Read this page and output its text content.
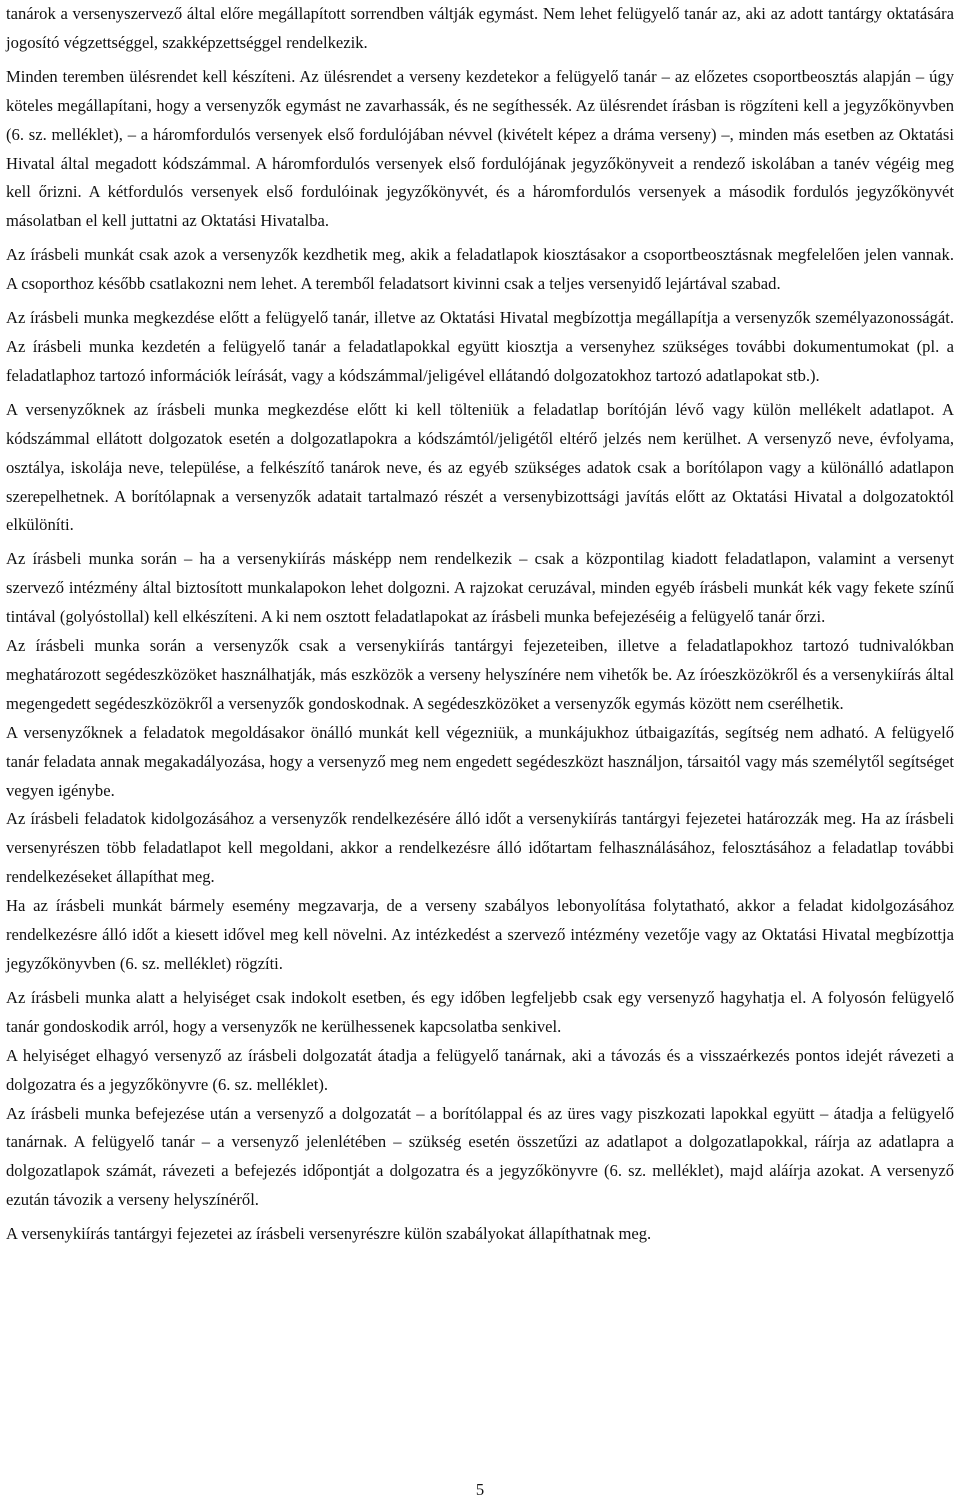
tanárok a versenyszervező által előre megállapított sorrendben váltják egymást. Nem lehet felügyelő tanár az, aki az adott tantárgy oktatására jogosító végzettséggel, szakképzettséggel rendelkezik.

Minden teremben ülésrendet kell készíteni. Az ülésrendet a verseny kezdetekor a felügyelő tanár – az előzetes csoportbeosztás alapján – úgy köteles megállapítani, hogy a versenyzők egymást ne zavarhassák, és ne segíthessék. Az ülésrendet írásban is rögzíteni kell a jegyzőkönyvben (6. sz. melléklet), – a háromfordulós versenyek első fordulójában névvel (kivételt képez a dráma verseny) –, minden más esetben az Oktatási Hivatal által megadott kódszámmal. A háromfordulós versenyek első fordulójának jegyzőkönyveit a rendező iskolában a tanév végéig meg kell őrizni. A kétfordulós versenyek első fordulóinak jegyzőkönyvét, és a háromfordulós versenyek a második fordulós jegyzőkönyvét másolatban el kell juttatni az Oktatási Hivatalba.

Az írásbeli munkát csak azok a versenyzők kezdhetik meg, akik a feladatlapok kiosztásakor a csoportbeosztásnak megfelelően jelen vannak. A csoporthoz később csatlakozni nem lehet. A teremből feladatsort kivinni csak a teljes versenyidő lejártával szabad.

Az írásbeli munka megkezdése előtt a felügyelő tanár, illetve az Oktatási Hivatal megbízottja megállapítja a versenyzők személyazonosságát. Az írásbeli munka kezdetén a felügyelő tanár a feladatlapokkal együtt kiosztja a versenyhez szükséges további dokumentumokat (pl. a feladatlaphoz tartozó információk leírását, vagy a kódszámmal/jeligével ellátandó dolgozatokhoz tartozó adatlapokat stb.).

A versenyzőknek az írásbeli munka megkezdése előtt ki kell tölteniük a feladatlap borítóján lévő vagy külön mellékelt adatlapot. A kódszámmal ellátott dolgozatok esetén a dolgozatlapokra a kódszámtól/jeligétől eltérő jelzés nem kerülhet. A versenyző neve, évfolyama, osztálya, iskolája neve, települése, a felkészítő tanárok neve, és az egyéb szükséges adatok csak a borítólapon vagy a különálló adatlapon szerepelhetnek. A borítólapnak a versenyzők adatait tartalmazó részét a versenybizottsági javítás előtt az Oktatási Hivatal a dolgozatoktól elkülöníti.

Az írásbeli munka során – ha a versenykiírás másképp nem rendelkezik – csak a központilag kiadott feladatlapon, valamint a versenyt szervező intézmény által biztosított munkalapokon lehet dolgozni. A rajzokat ceruzával, minden egyéb írásbeli munkát kék vagy fekete színű tintával (golyóstollal) kell elkészíteni. A ki nem osztott feladatlapokat az írásbeli munka befejezéséig a felügyelő tanár őrzi.

Az írásbeli munka során a versenyzők csak a versenykiírás tantárgyi fejezeteiben, illetve a feladatlapokhoz tartozó tudnivalókban meghatározott segédeszközöket használhatják, más eszközök a verseny helyszínére nem vihetők be. Az íróeszközökről és a versenykiírás által megengedett segédeszközökről a versenyzők gondoskodnak. A segédeszközöket a versenyzők egymás között nem cserélhetik.

A versenyzőknek a feladatok megoldásakor önálló munkát kell végezniük, a munkájukhoz útbaigazítás, segítség nem adható. A felügyelő tanár feladata annak megakadályozása, hogy a versenyző meg nem engedett segédeszközt használjon, társaitól vagy más személytől segítséget vegyen igénybe.

Az írásbeli feladatok kidolgozásához a versenyzők rendelkezésére álló időt a versenykiírás tantárgyi fejezetei határozzák meg. Ha az írásbeli versenyrészen több feladatlapot kell megoldani, akkor a rendelkezésre álló időtartam felhasználásához, felosztásához a feladatlap további rendelkezéseket állapíthat meg.

Ha az írásbeli munkát bármely esemény megzavarja, de a verseny szabályos lebonyolítása folytatható, akkor a feladat kidolgozásához rendelkezésre álló időt a kiesett idővel meg kell növelni. Az intézkedést a szervező intézmény vezetője vagy az Oktatási Hivatal megbízottja jegyzőkönyvben (6. sz. melléklet) rögzíti.

Az írásbeli munka alatt a helyiséget csak indokolt esetben, és egy időben legfeljebb csak egy versenyző hagyhatja el. A folyosón felügyelő tanár gondoskodik arról, hogy a versenyzők ne kerülhessenek kapcsolatba senkivel.

A helyiséget elhagyó versenyző az írásbeli dolgozatát átadja a felügyelő tanárnak, aki a távozás és a visszaérkezés pontos idejét rávezeti a dolgozatra és a jegyzőkönyvre (6. sz. melléklet).

Az írásbeli munka befejezése után a versenyző a dolgozatát – a borítólappal és az üres vagy piszkozati lapokkal együtt – átadja a felügyelő tanárnak. A felügyelő tanár – a versenyző jelenlétében – szükség esetén összetűzi az adatlapot a dolgozatlapokkal, ráírja az adatlapra a dolgozatlapok számát, rávezeti a befejezés időpontját a dolgozatra és a jegyzőkönyvre (6. sz. melléklet), majd aláírja azokat. A versenyző ezután távozik a verseny helyszínéről.

A versenykiírás tantárgyi fejezetei az írásbeli versenyrészre külön szabályokat állapíthatnak meg.

5
